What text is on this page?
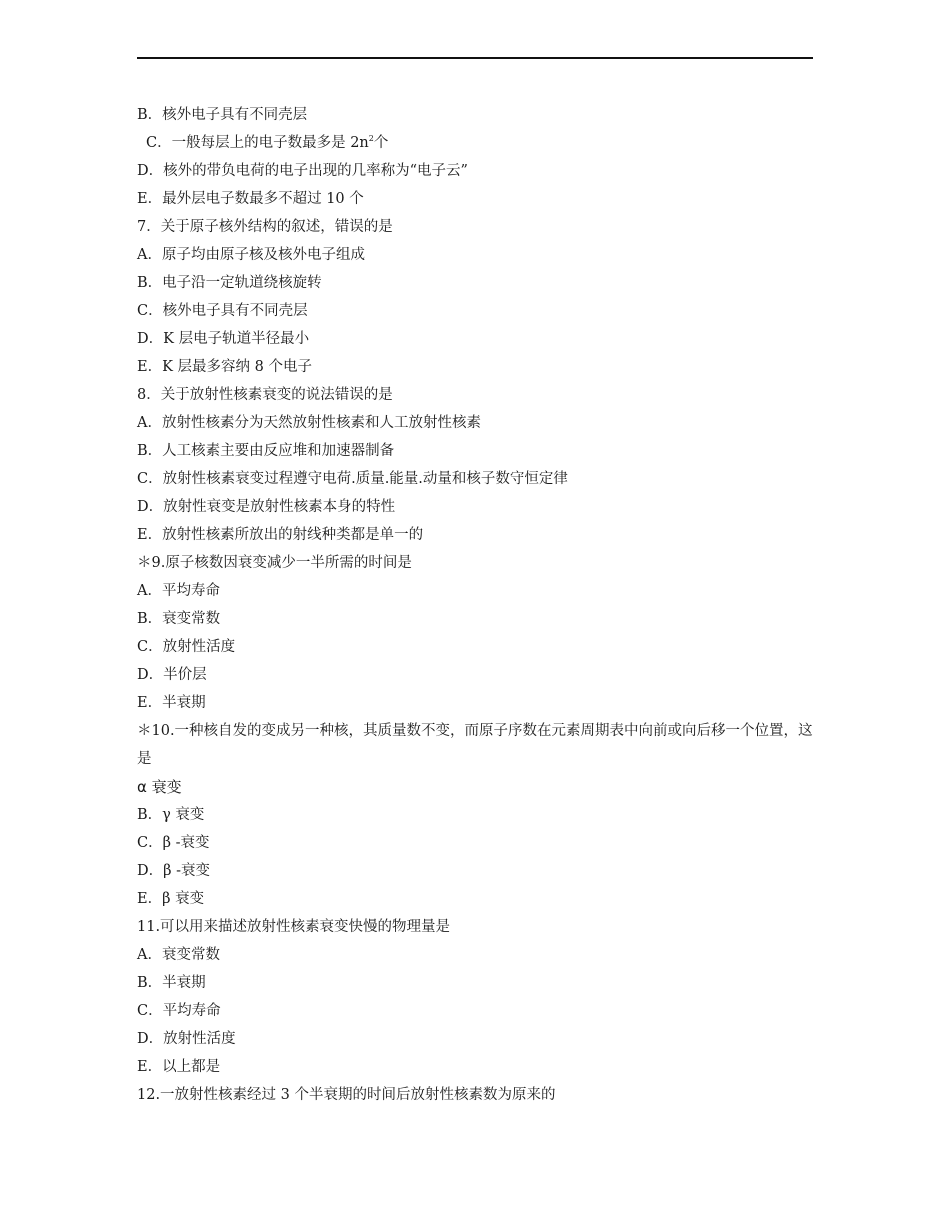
B．核外电子具有不同壳层
C．一般每层上的电子数最多是 $2n^2$个
D．核外的带负电荷的电子出现的几率称为“电子云”
E．最外层电子数最多不超过 10 个
7．关于原子核外结构的叙述，错误的是
A．原子均由原子核及核外电子组成
B．电子沿一定轨道绕核旋转
C．核外电子具有不同壳层
D．K 层电子轨道半径最小
E．K 层最多容纳 8 个电子
8．关于放射性核素衰变的说法错误的是
A．放射性核素分为天然放射性核素和人工放射性核素
B．人工核素主要由反应堆和加速器制备
C．放射性核素衰变过程遵守电荷.质量.能量.动量和核子数守恒定律
D．放射性衰变是放射性核素本身的特性
E．放射性核素所放出的射线种类都是单一的
＊9.原子核数因衰变减少一半所需的时间是
A．平均寿命
B．衰变常数
C．放射性活度
D．半价层
E．半衰期
＊10.一种核自发的变成另一种核，其质量数不变，而原子序数在元素周期表中向前或向后移一个位置，这是
α 衰变
B．γ 衰变
C．β -衰变
D．β -衰变
E．β 衰变
11.可以用来描述放射性核素衰变快慢的物理量是
A．衰变常数
B．半衰期
C．平均寿命
D．放射性活度
E．以上都是
12.一放射性核素经过 3 个半衰期的时间后放射性核素数为原来的
